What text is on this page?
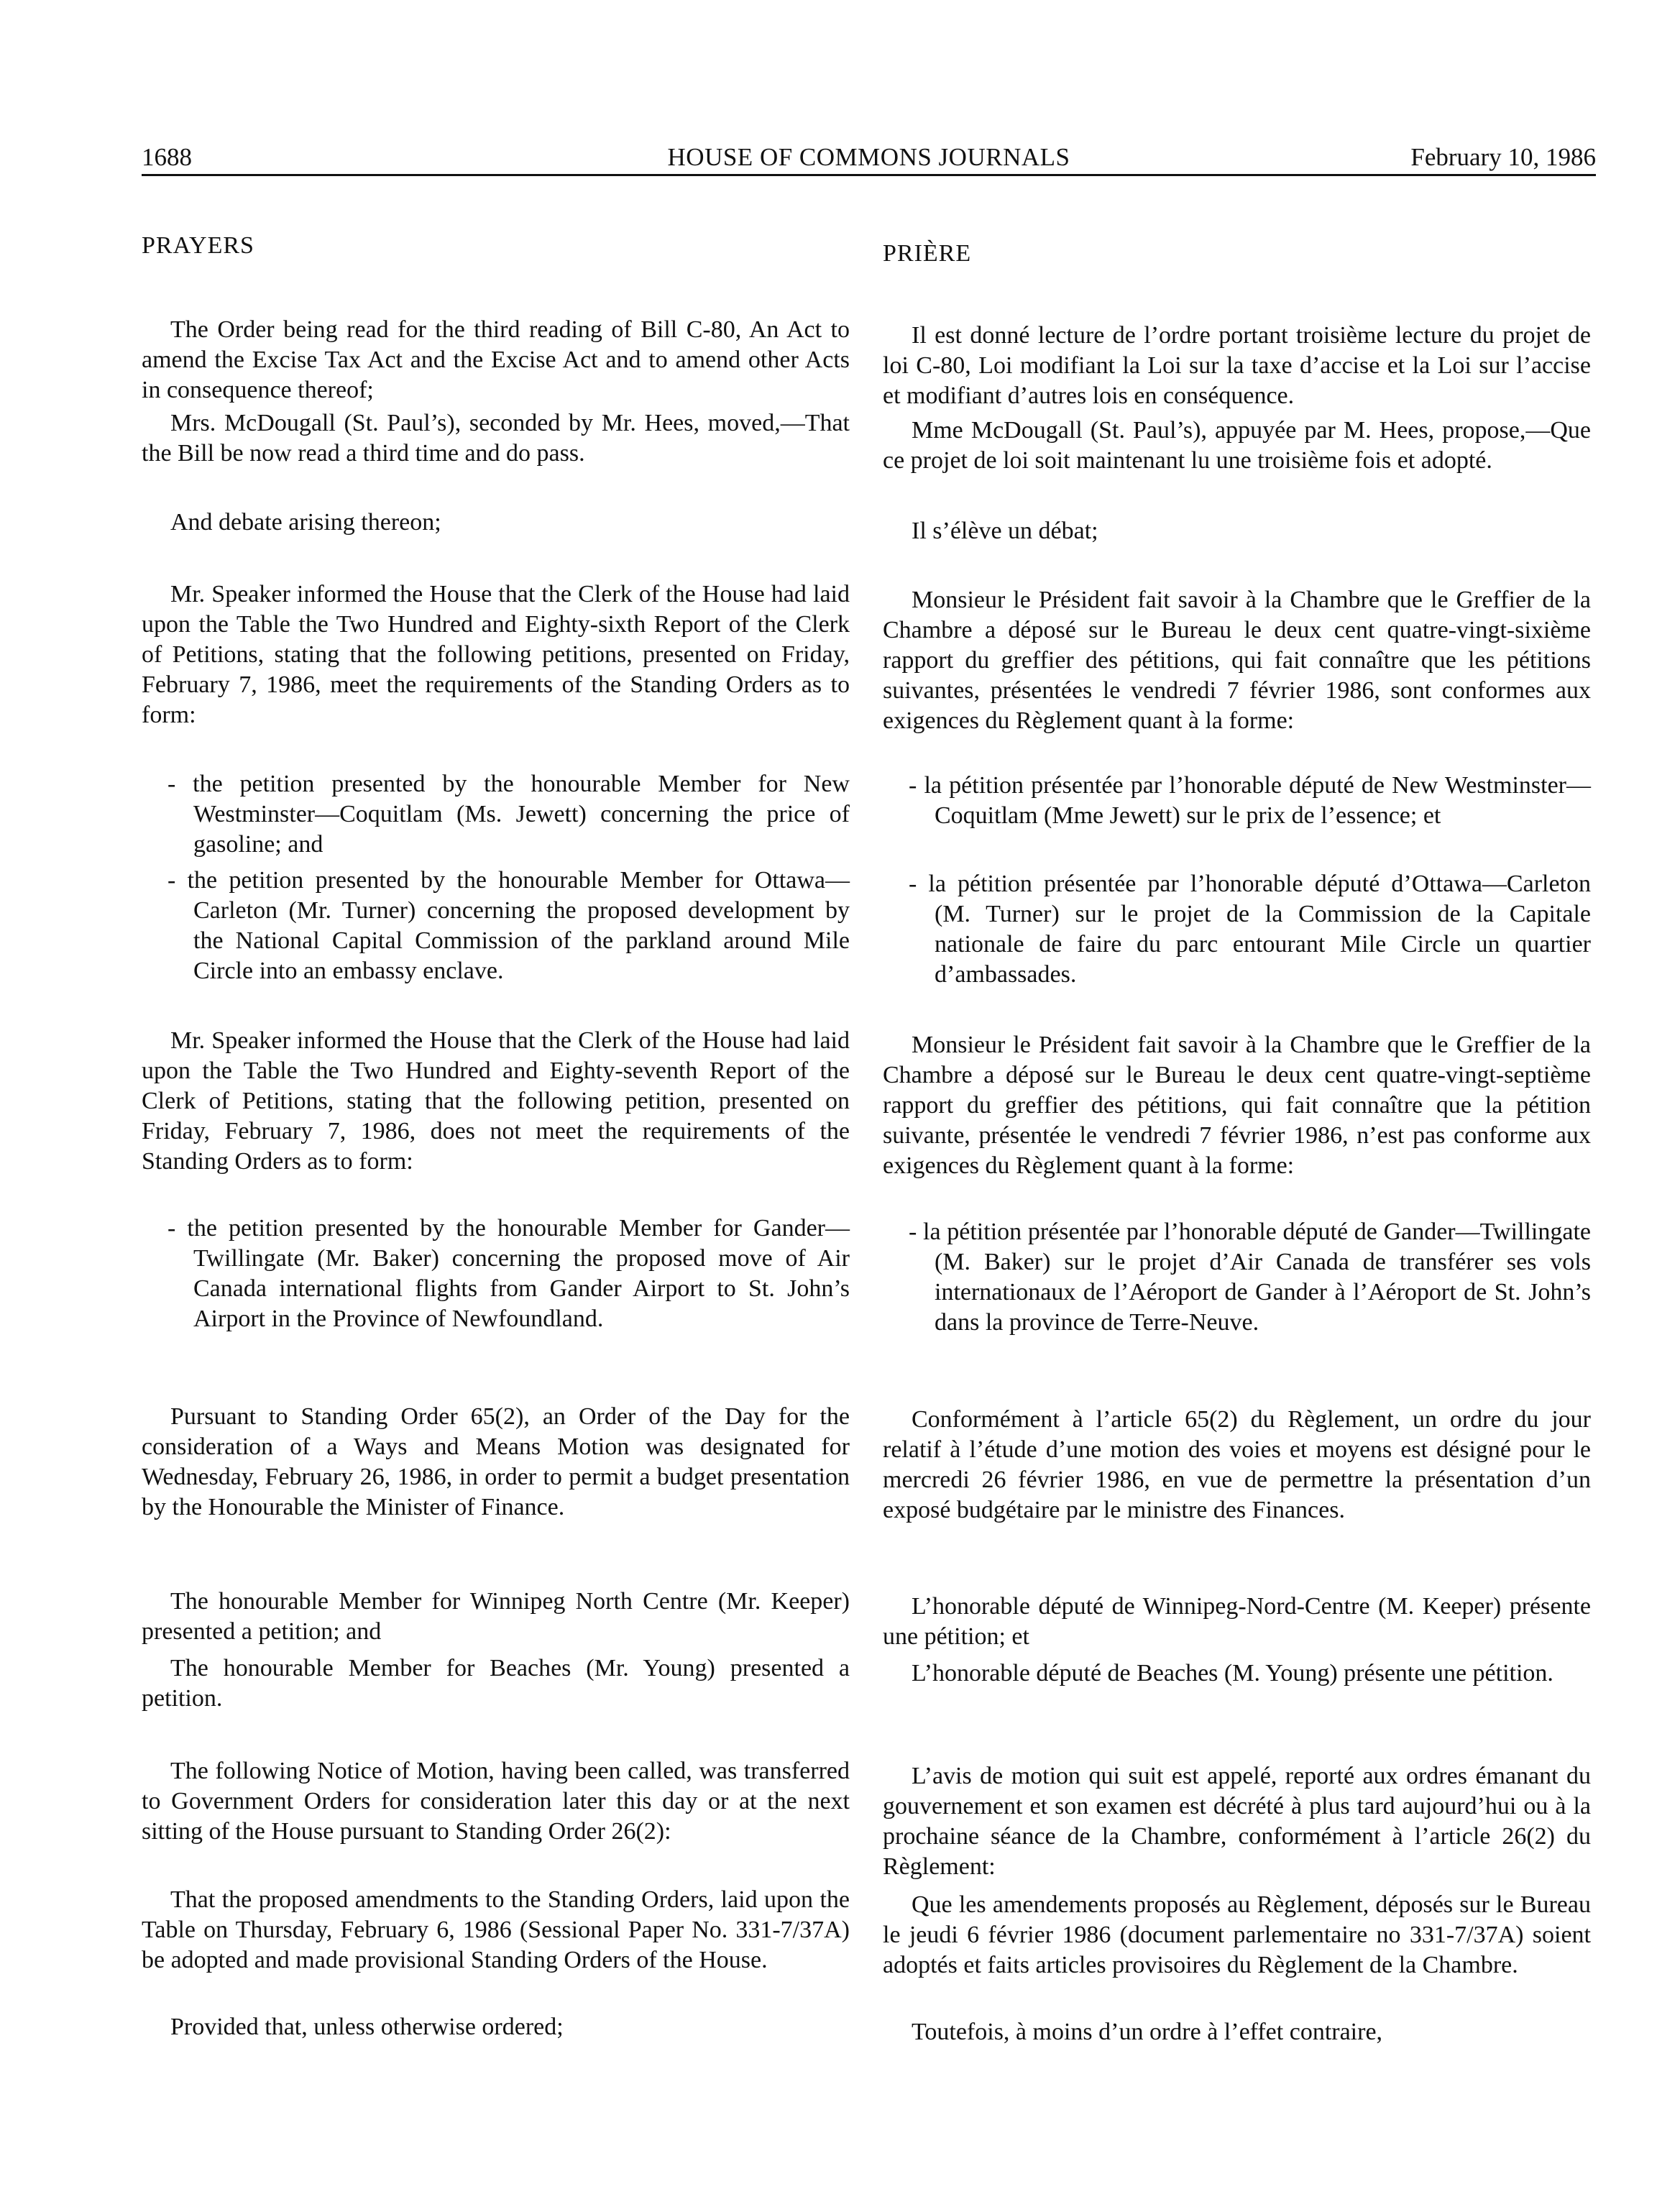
1688	HOUSE OF COMMONS JOURNALS	February 10, 1986

PRAYERS

The Order being read for the third reading of Bill C-80, An Act to amend the Excise Tax Act and the Excise Act and to amend other Acts in consequence thereof;

Mrs. McDougall (St. Paul’s), seconded by Mr. Hees, moved,—That the Bill be now read a third time and do pass.

And debate arising thereon;

Mr. Speaker informed the House that the Clerk of the House had laid upon the Table the Two Hundred and Eighty-sixth Report of the Clerk of Petitions, stating that the following petitions, presented on Friday, February 7, 1986, meet the requirements of the Standing Orders as to form:

- the petition presented by the honourable Member for New Westminster—Coquitlam (Ms. Jewett) concerning the price of gasoline; and

- the petition presented by the honourable Member for Ottawa—Carleton (Mr. Turner) concerning the proposed development by the National Capital Commission of the parkland around Mile Circle into an embassy enclave.

Mr. Speaker informed the House that the Clerk of the House had laid upon the Table the Two Hundred and Eighty-seventh Report of the Clerk of Petitions, stating that the following petition, presented on Friday, February 7, 1986, does not meet the requirements of the Standing Orders as to form:

- the petition presented by the honourable Member for Gander—Twillingate (Mr. Baker) concerning the proposed move of Air Canada international flights from Gander Airport to St. John’s Airport in the Province of Newfoundland.

Pursuant to Standing Order 65(2), an Order of the Day for the consideration of a Ways and Means Motion was designated for Wednesday, February 26, 1986, in order to permit a budget presentation by the Honourable the Minister of Finance.

The honourable Member for Winnipeg North Centre (Mr. Keeper) presented a petition; and

The honourable Member for Beaches (Mr. Young) presented a petition.

The following Notice of Motion, having been called, was transferred to Government Orders for consideration later this day or at the next sitting of the House pursuant to Standing Order 26(2):

That the proposed amendments to the Standing Orders, laid upon the Table on Thursday, February 6, 1986 (Sessional Paper No. 331-7/37A) be adopted and made provisional Standing Orders of the House.

Provided that, unless otherwise ordered;

PRIÈRE

Il est donné lecture de l’ordre portant troisième lecture du projet de loi C-80, Loi modifiant la Loi sur la taxe d’accise et la Loi sur l’accise et modifiant d’autres lois en conséquence.

Mme McDougall (St. Paul’s), appuyée par M. Hees, propose,—Que ce projet de loi soit maintenant lu une troisième fois et adopté.

Il s’élève un débat;

Monsieur le Président fait savoir à la Chambre que le Greffier de la Chambre a déposé sur le Bureau le deux cent quatre-vingt-sixième rapport du greffier des pétitions, qui fait connaître que les pétitions suivantes, présentées le vendredi 7 février 1986, sont conformes aux exigences du Règlement quant à la forme:

- la pétition présentée par l’honorable député de New Westminster—Coquitlam (Mme Jewett) sur le prix de l’essence; et

- la pétition présentée par l’honorable député d’Ottawa—Carleton (M. Turner) sur le projet de la Commission de la Capitale nationale de faire du parc entourant Mile Circle un quartier d’ambassades.

Monsieur le Président fait savoir à la Chambre que le Greffier de la Chambre a déposé sur le Bureau le deux cent quatre-vingt-septième rapport du greffier des pétitions, qui fait connaître que la pétition suivante, présentée le vendredi 7 février 1986, n’est pas conforme aux exigences du Règlement quant à la forme:

- la pétition présentée par l’honorable député de Gander—Twillingate (M. Baker) sur le projet d’Air Canada de transférer ses vols internationaux de l’Aéroport de Gander à l’Aéroport de St. John’s dans la province de Terre-Neuve.

Conformément à l’article 65(2) du Règlement, un ordre du jour relatif à l’étude d’une motion des voies et moyens est désigné pour le mercredi 26 février 1986, en vue de permettre la présentation d’un exposé budgétaire par le ministre des Finances.

L’honorable député de Winnipeg-Nord-Centre (M. Keeper) présente une pétition; et

L’honorable député de Beaches (M. Young) présente une pétition.

L’avis de motion qui suit est appelé, reporté aux ordres émanant du gouvernement et son examen est décrété à plus tard aujourd’hui ou à la prochaine séance de la Chambre, conformément à l’article 26(2) du Règlement:

Que les amendements proposés au Règlement, déposés sur le Bureau le jeudi 6 février 1986 (document parlementaire no 331-7/37A) soient adoptés et faits articles provisoires du Règlement de la Chambre.

Toutefois, à moins d’un ordre à l’effet contraire,
